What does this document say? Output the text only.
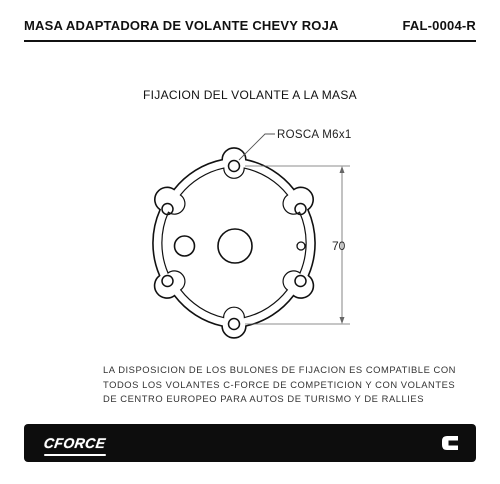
MASA ADAPTADORA DE VOLANTE CHEVY ROJA	FAL-0004-R
FIJACION DEL VOLANTE A LA MASA
ROSCA M6x1
70
LA DISPOSICION DE LOS BULONES DE FIJACION ES COMPATIBLE CON
TODOS LOS VOLANTES C-FORCE DE COMPETICION Y CON VOLANTES
DE CENTRO EUROPEO PARA AUTOS DE TURISMO Y DE RALLIES
CFORCE
